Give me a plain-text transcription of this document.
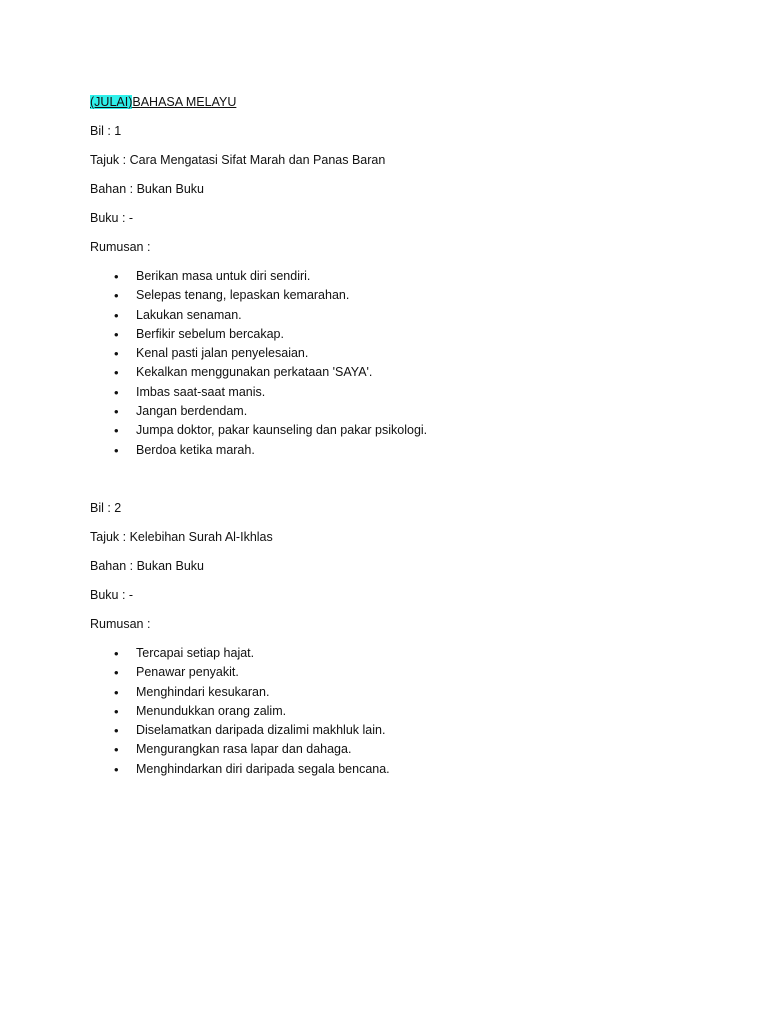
(JULAI)BAHASA MELAYU
Bil : 1
Tajuk : Cara Mengatasi Sifat Marah dan Panas Baran
Bahan : Bukan Buku
Buku : -
Rumusan :
• Berikan masa untuk diri sendiri.
• Selepas tenang, lepaskan kemarahan.
• Lakukan senaman.
• Berfikir sebelum bercakap.
• Kenal pasti jalan penyelesaian.
• Kekalkan menggunakan perkataan 'SAYA'.
• Imbas saat-saat manis.
• Jangan berdendam.
• Jumpa doktor, pakar kaunseling dan pakar psikologi.
• Berdoa ketika marah.
Bil : 2
Tajuk : Kelebihan Surah Al-Ikhlas
Bahan : Bukan Buku
Buku : -
Rumusan :
• Tercapai setiap hajat.
• Penawar penyakit.
• Menghindari kesukaran.
• Menundukkan orang zalim.
• Diselamatkan daripada dizalimi makhluk lain.
• Mengurangkan rasa lapar dan dahaga.
• Menghindarkan diri daripada segala bencana.
